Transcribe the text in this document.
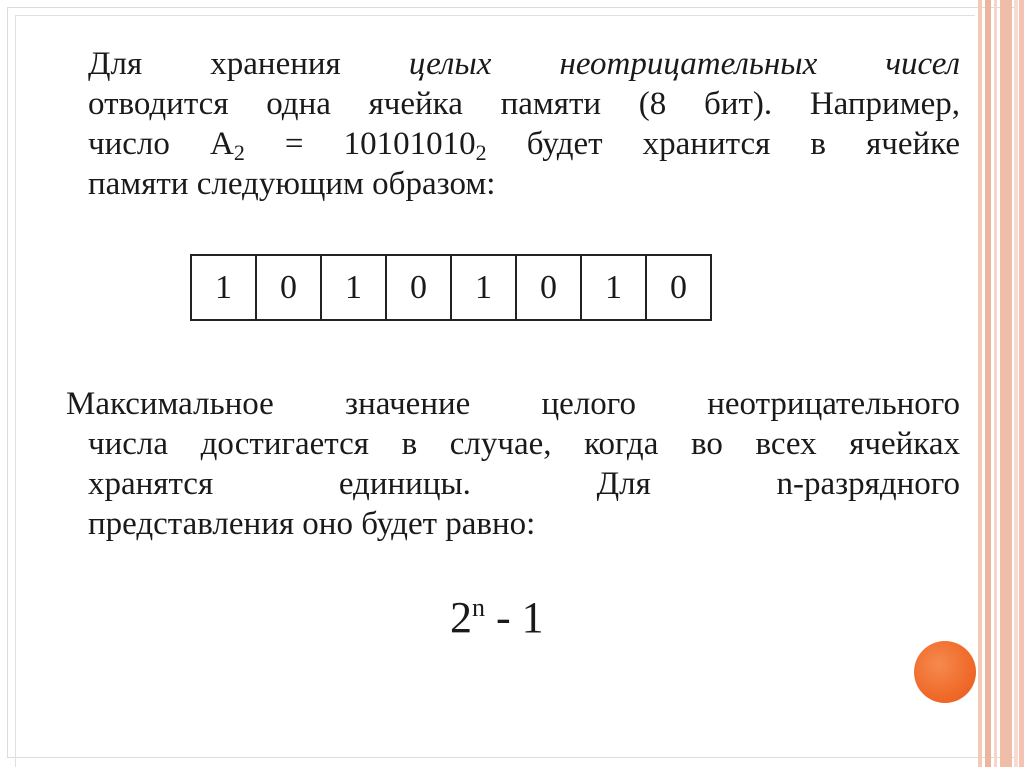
Для хранения целых неотрицательных чисел
отводится одна ячейка памяти (8 бит). Например,
число $A_2 = 10101010_2$ будет хранится в ячейке
памяти следующим образом:
1	0	1	0	1	0	1	0
Максимальное значение целого неотрицательного
числа достигается в случае, когда во всех ячейках
хранятся единицы. Для n-разрядного
представления оно будет равно:
2$^n$ - 1
